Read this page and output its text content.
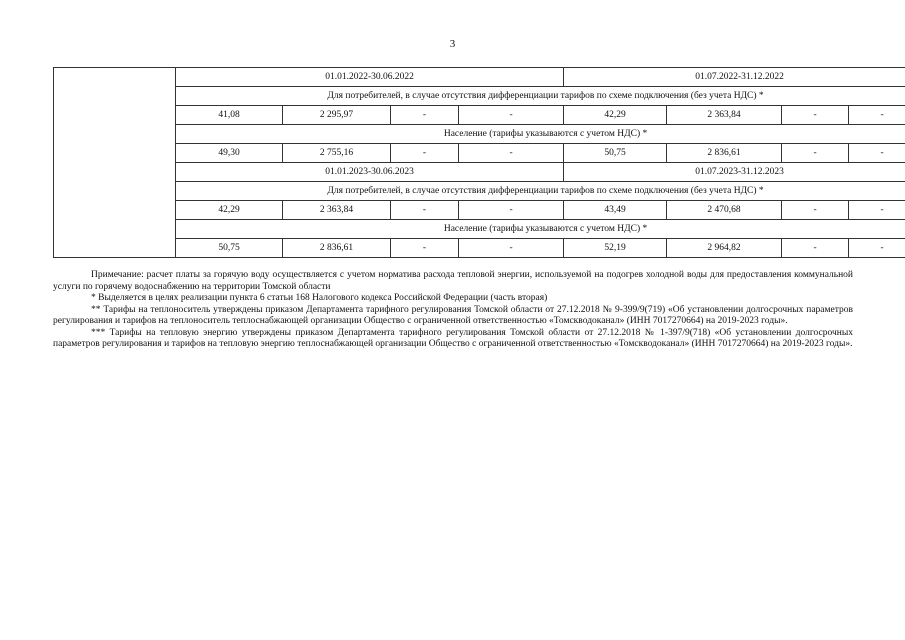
3
	01.01.2022-30.06.2022				01.07.2022-31.12.2022			
	Для потребителей, в случае отсутствия дифференциации тарифов по схеме подключения (без учета НДС) *							
	41,08	2 295,97	-	-	42,29	2 363,84	-	-
	Население (тарифы указываются с учетом НДС) *							
	49,30	2 755,16	-	-	50,75	2 836,61	-	-
	01.01.2023-30.06.2023				01.07.2023-31.12.2023			
	Для потребителей, в случае отсутствия дифференциации тарифов по схеме подключения (без учета НДС) *							
	42,29	2 363,84	-	-	43,49	2 470,68	-	-
	Население (тарифы указываются с учетом НДС) *							
	50,75	2 836,61	-	-	52,19	2 964,82	-	-

Примечание: расчет платы за горячую воду осуществляется с учетом норматива расхода тепловой энергии, используемой на подогрев холодной воды для предоставления коммунальной услуги по горячему водоснабжению на территории Томской области

* Выделяется в целях реализации пункта 6 статьи 168 Налогового кодекса Российской Федерации (часть вторая)

** Тарифы на теплоноситель утверждены приказом Департамента тарифного регулирования Томской области от 27.12.2018 № 9-399/9(719) «Об установлении долгосрочных параметров регулирования и тарифов на теплоноситель теплоснабжающей организации Общество с ограниченной ответственностью «Томскводоканал» (ИНН 7017270664) на 2019-2023 годы».

*** Тарифы на тепловую энергию утверждены приказом Департамента тарифного регулирования Томской области от 27.12.2018 № 1-397/9(718) «Об установлении долгосрочных параметров регулирования и тарифов на тепловую энергию теплоснабжающей организации Общество с ограниченной ответственностью «Томскводоканал» (ИНН 7017270664) на 2019-2023 годы».
